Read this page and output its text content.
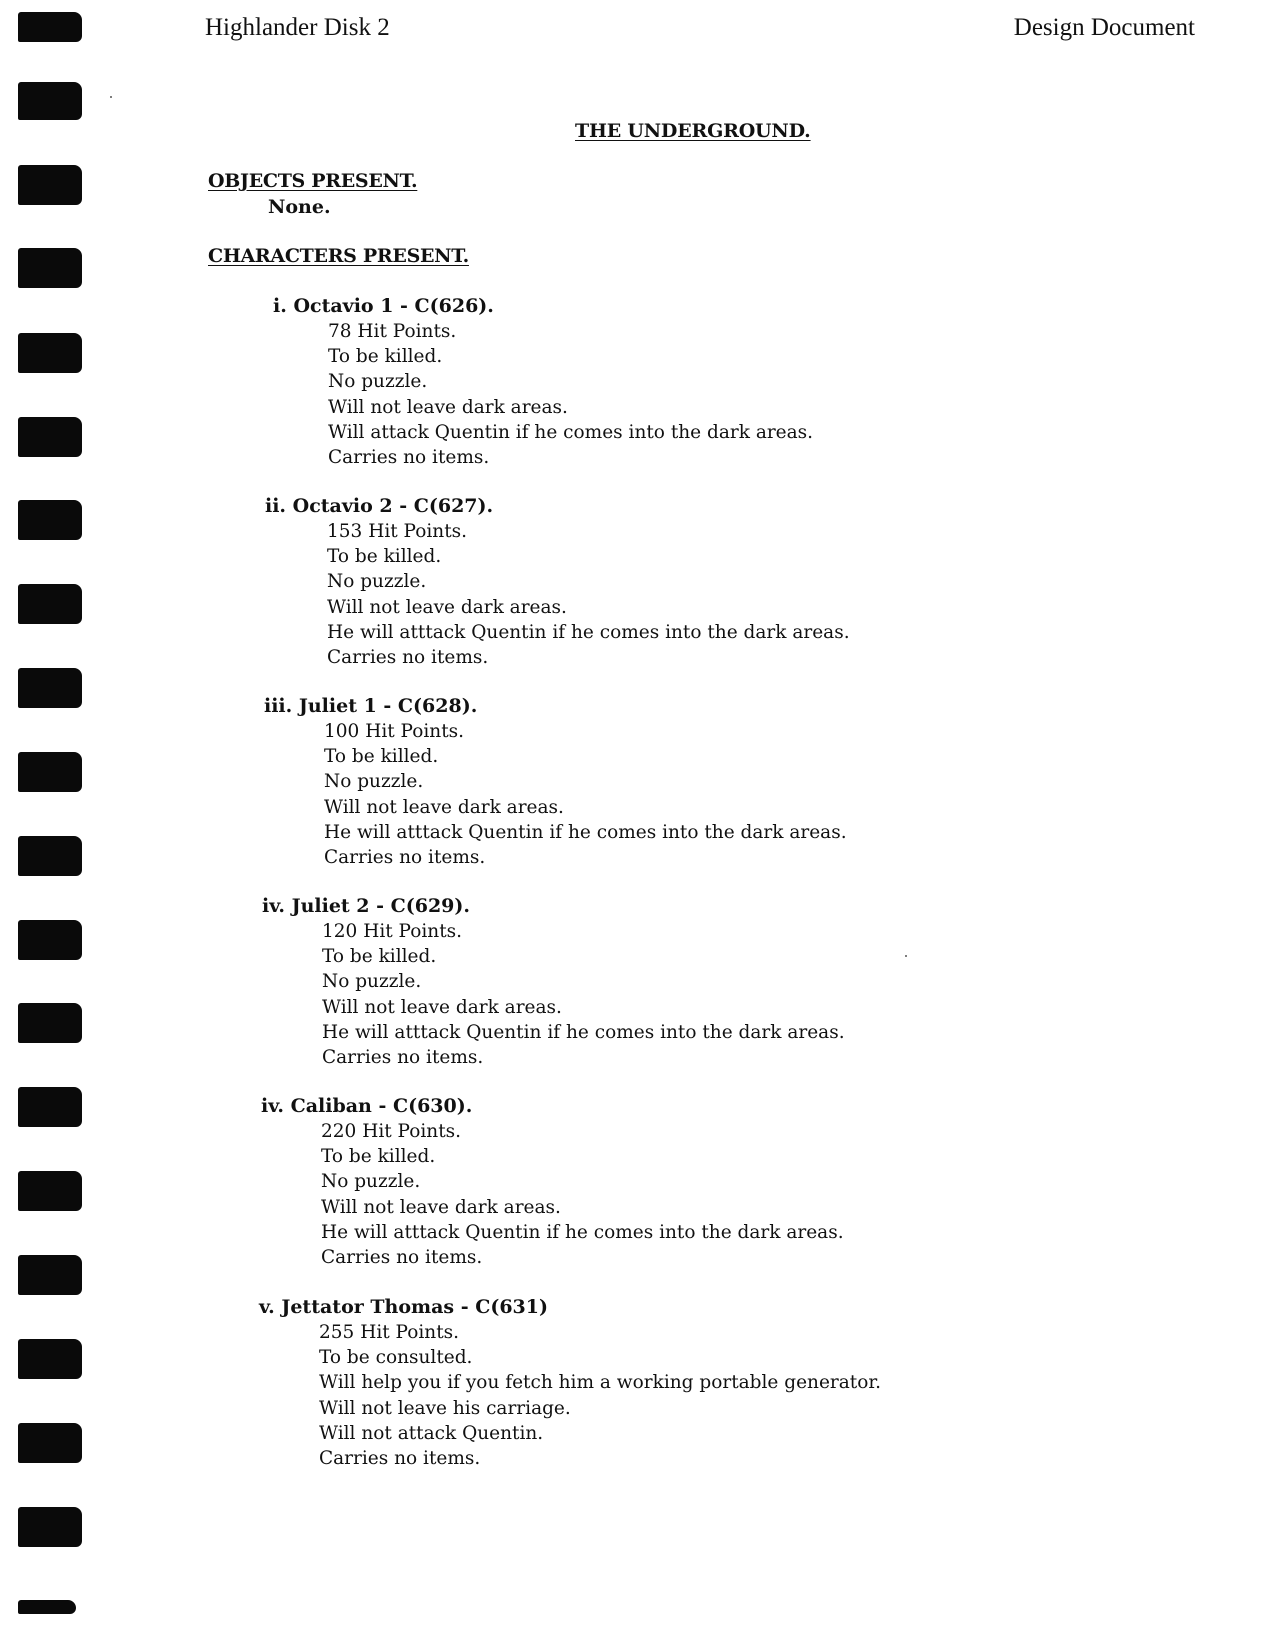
Highlander Disk 2	Design Document
THE UNDERGROUND.
OBJECTS PRESENT.
None.
CHARACTERS PRESENT.
i. Octavio 1 - C(626).
78 Hit Points.
To be killed.
No puzzle.
Will not leave dark areas.
Will attack Quentin if he comes into the dark areas.
Carries no items.
ii. Octavio 2 - C(627).
153 Hit Points.
To be killed.
No puzzle.
Will not leave dark areas.
He will atttack Quentin if he comes into the dark areas.
Carries no items.
iii. Juliet 1 - C(628).
100 Hit Points.
To be killed.
No puzzle.
Will not leave dark areas.
He will atttack Quentin if he comes into the dark areas.
Carries no items.
iv. Juliet 2 - C(629).
120 Hit Points.
To be killed.
No puzzle.
Will not leave dark areas.
He will atttack Quentin if he comes into the dark areas.
Carries no items.
iv. Caliban - C(630).
220 Hit Points.
To be killed.
No puzzle.
Will not leave dark areas.
He will atttack Quentin if he comes into the dark areas.
Carries no items.
v. Jettator Thomas - C(631)
255 Hit Points.
To be consulted.
Will help you if you fetch him a working portable generator.
Will not leave his carriage.
Will not attack Quentin.
Carries no items.
